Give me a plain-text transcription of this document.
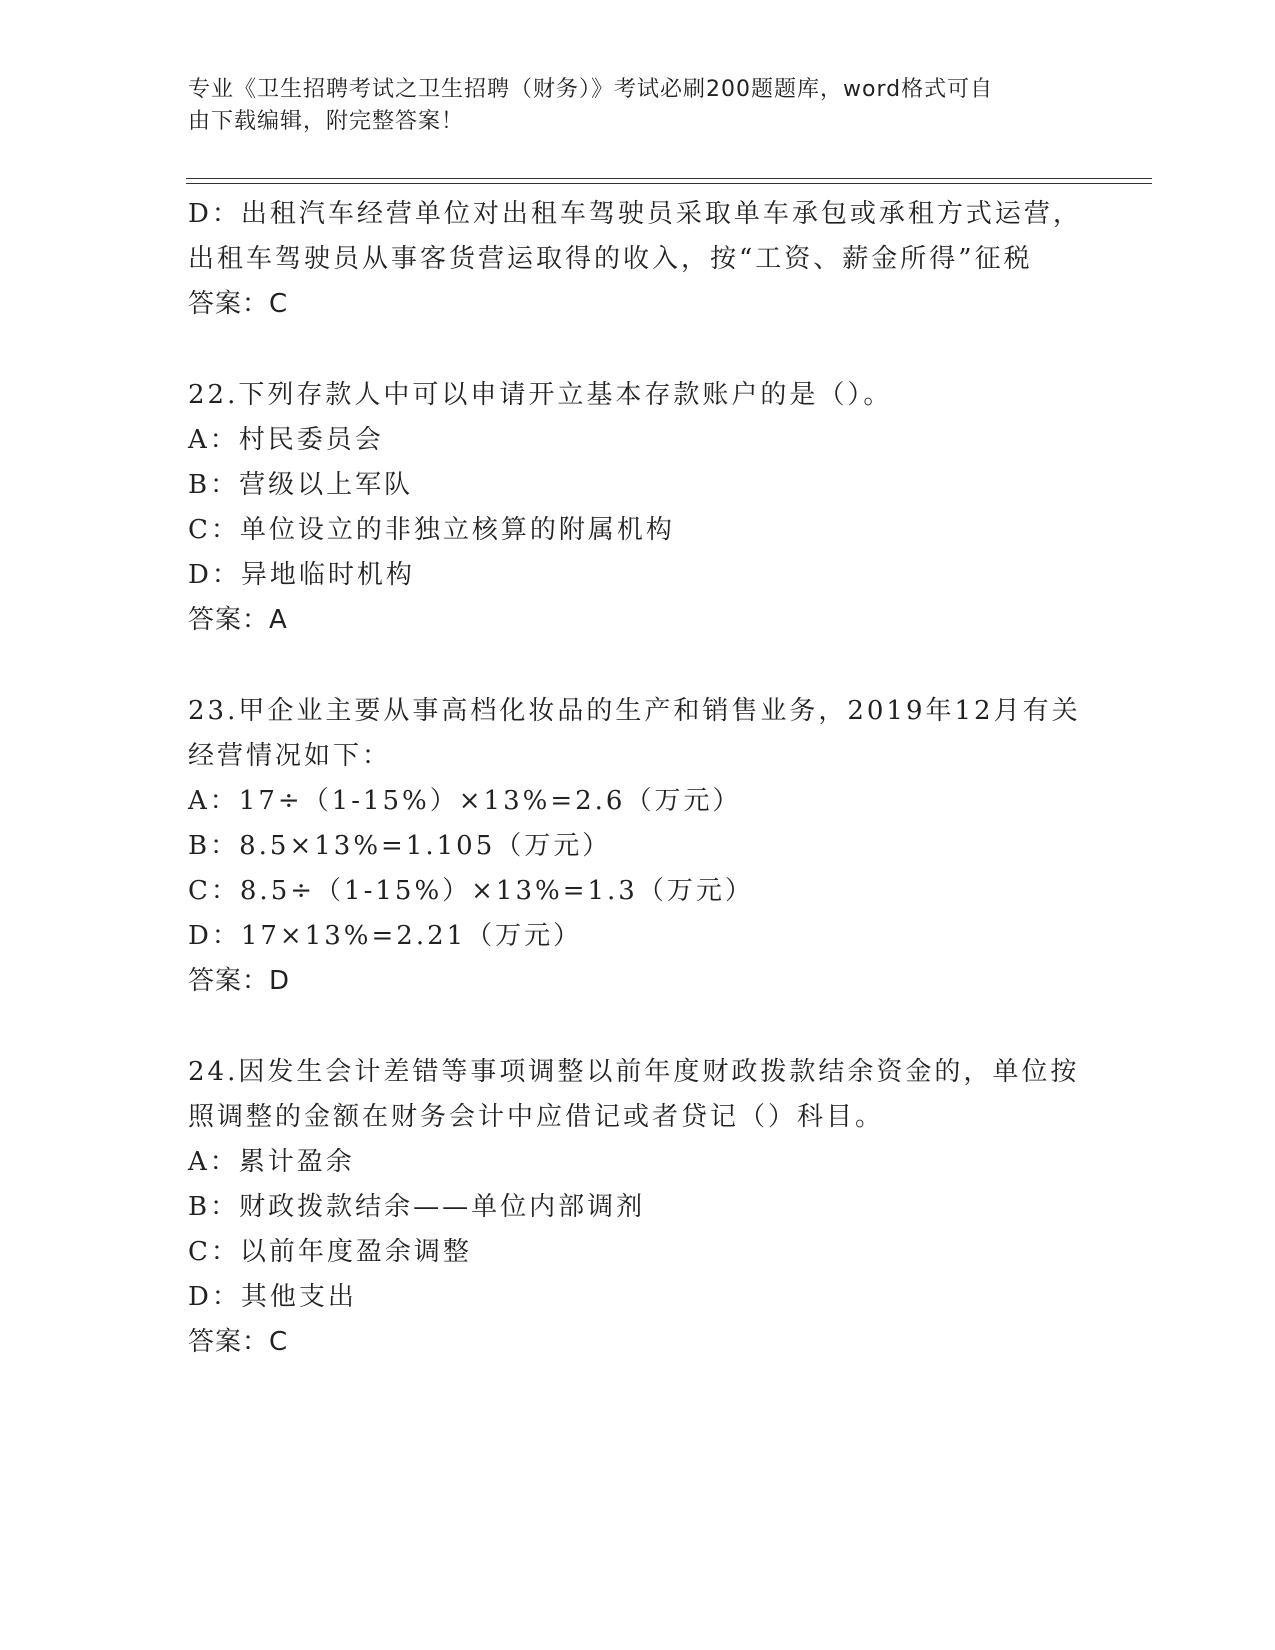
专业《卫生招聘考试之卫生招聘（财务）》考试必刷200题题库，word格式可自
由下载编辑，附完整答案！
D：出租汽车经营单位对出租车驾驶员采取单车承包或承租方式运营，
出租车驾驶员从事客货营运取得的收入，按“工资、薪金所得”征税
答案：C
22.下列存款人中可以申请开立基本存款账户的是（）。
A：村民委员会
B：营级以上军队
C：单位设立的非独立核算的附属机构
D：异地临时机构
答案：A
23.甲企业主要从事高档化妆品的生产和销售业务，2019年12月有关
经营情况如下：
A：17÷（1-15%）×13%=2.6（万元）
B：8.5×13%=1.105（万元）
C：8.5÷（1-15%）×13%=1.3（万元）
D：17×13%=2.21（万元）
答案：D
24.因发生会计差错等事项调整以前年度财政拨款结余资金的，单位按
照调整的金额在财务会计中应借记或者贷记（）科目。
A：累计盈余
B：财政拨款结余——单位内部调剂
C：以前年度盈余调整
D：其他支出
答案：C
